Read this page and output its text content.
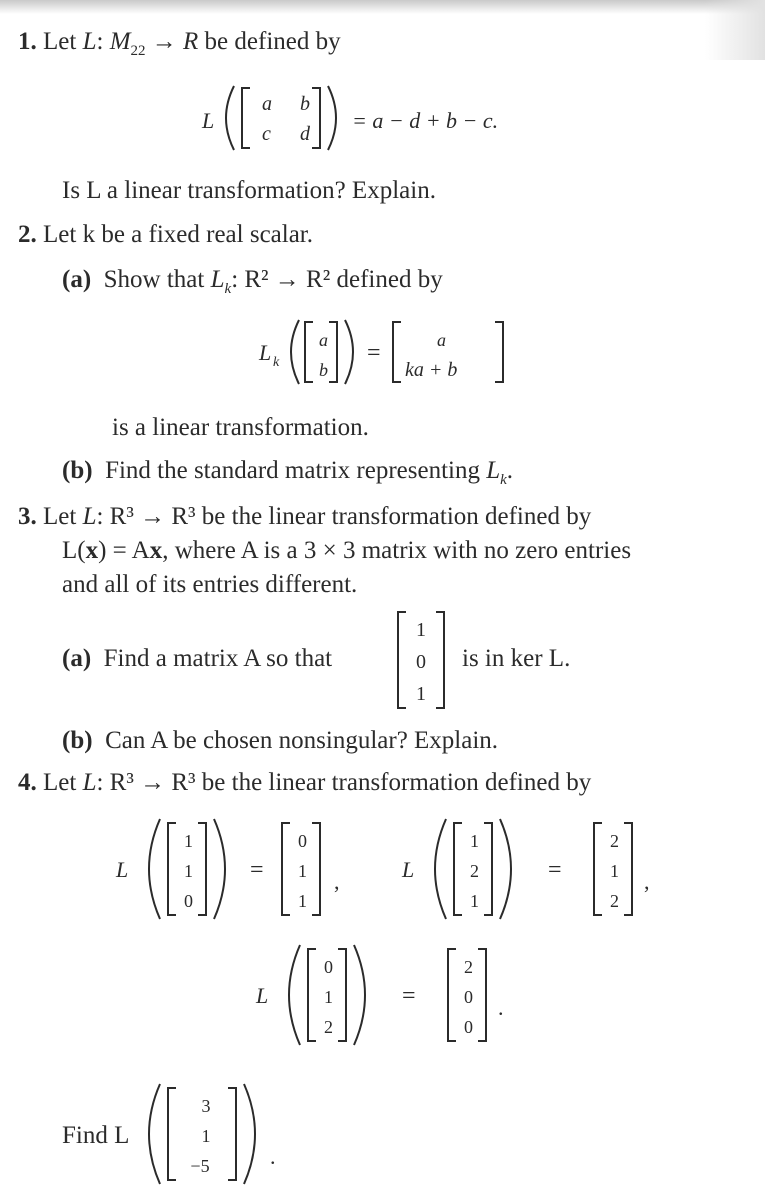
1. Let L: $M_{22} \to R$ be defined by
L
a b
c d
= a − d + b − c.
Is L a linear transformation? Explain.
2. Let k be a fixed real scalar.
(a) Show that $L_k$: R² → R² defined by
L k
a
b
=	a
ka + b
is a linear transformation.
(b) Find the standard matrix representing $L_k$.
3. Let L: R³ → R³ be the linear transformation defined by
L(x) = Ax, where A is a 3 × 3 matrix with no zero entries
and all of its entries different.
(a) Find a matrix A so that
1
0
1
is in ker L.
(b) Can A be chosen nonsingular? Explain.
4. Let L: R³ → R³ be the linear transformation defined by
L
1
1
0
=
0
1
1
,	L
1
2
1
=
2
1
2
,
L
0
1
2
=
2
0
0
.
Find L
3
1
−5	.
